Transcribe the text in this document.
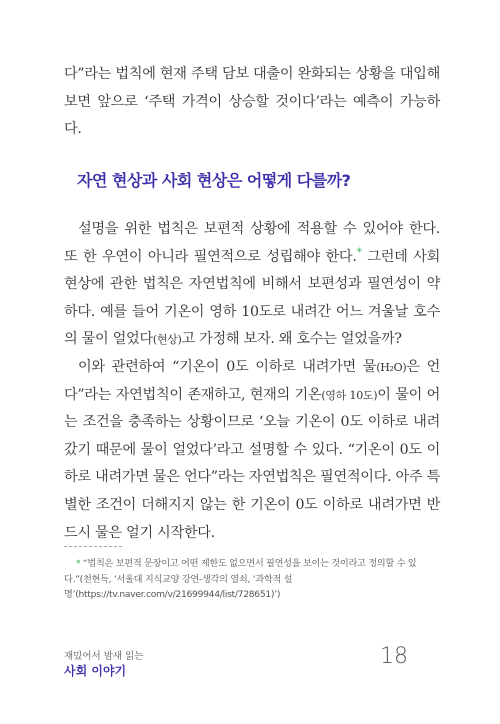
다”라는 법칙에 현재 주택 담보 대출이 완화되는 상황을 대입해 보면 앞으로 ‘주택 가격이 상승할 것이다’라는 예측이 가능하다.

자연 현상과 사회 현상은 어떻게 다를까?

설명을 위한 법칙은 보편적 상황에 적용할 수 있어야 한다. 또 한 우연이 아니라 필연적으로 성립해야 한다.* 그런데 사회 현상에 관한 법칙은 자연법칙에 비해서 보편성과 필연성이 약하다. 예를 들어 기온이 영하 10도로 내려간 어느 겨울날 호수의 물이 얼었다(현상)고 가정해 보자. 왜 호수는 얼었을까?

이와 관련하여 “기온이 0도 이하로 내려가면 물(H₂O)은 언다”라는 자연법칙이 존재하고, 현재의 기온(영하 10도)이 물이 어는 조건을 충족하는 상황이므로 ‘오늘 기온이 0도 이하로 내려갔기 때문에 물이 얼었다’라고 설명할 수 있다. “기온이 0도 이하로 내려가면 물은 언다”라는 자연법칙은 필연적이다. 아주 특별한 조건이 더해지지 않는 한 기온이 0도 이하로 내려가면 반드시 물은 얼기 시작한다.

* “법칙은 보편적 문장이고 어떤 제한도 없으면서 필연성을 보이는 것이라고 정의할 수 있다.”(천현득, ‘서울대 지식교양 강연-생각의 열쇠, ‘과학적 설명’(https://tv.naver.com/v/21699944/list/728651)’)
재밌어서 밤새 읽는
사회 이야기
18
